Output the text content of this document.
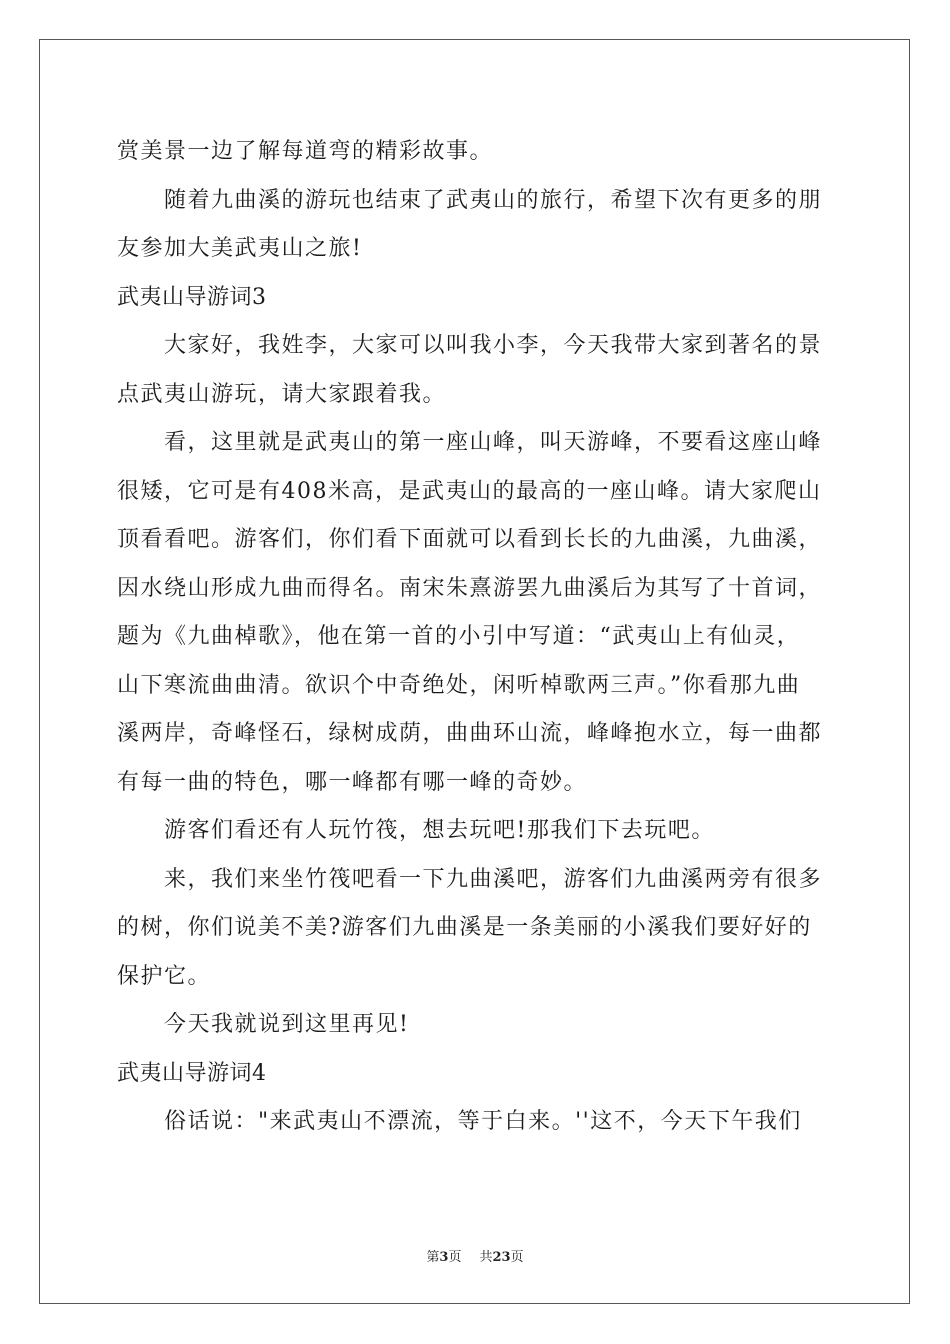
赏美景一边了解每道弯的精彩故事。
随着九曲溪的游玩也结束了武夷山的旅行，希望下次有更多的朋
友参加大美武夷山之旅!
武夷山导游词3
大家好，我姓李，大家可以叫我小李，今天我带大家到著名的景
点武夷山游玩，请大家跟着我。
看，这里就是武夷山的第一座山峰，叫天游峰，不要看这座山峰
很矮，它可是有408米高，是武夷山的最高的一座山峰。请大家爬山
顶看看吧。游客们，你们看下面就可以看到长长的九曲溪，九曲溪，
因水绕山形成九曲而得名。南宋朱熹游罢九曲溪后为其写了十首词，
题为《九曲棹歌》，他在第一首的小引中写道：“武夷山上有仙灵，
山下寒流曲曲清。欲识个中奇绝处，闲听棹歌两三声。”你看那九曲
溪两岸，奇峰怪石，绿树成荫，曲曲环山流，峰峰抱水立，每一曲都
有每一曲的特色，哪一峰都有哪一峰的奇妙。
游客们看还有人玩竹筏，想去玩吧!那我们下去玩吧。
来，我们来坐竹筏吧看一下九曲溪吧，游客们九曲溪两旁有很多
的树，你们说美不美?游客们九曲溪是一条美丽的小溪我们要好好的
保护它。
今天我就说到这里再见!
武夷山导游词4
俗话说："来武夷山不漂流，等于白来。''这不，今天下午我们
第3页 共23页
